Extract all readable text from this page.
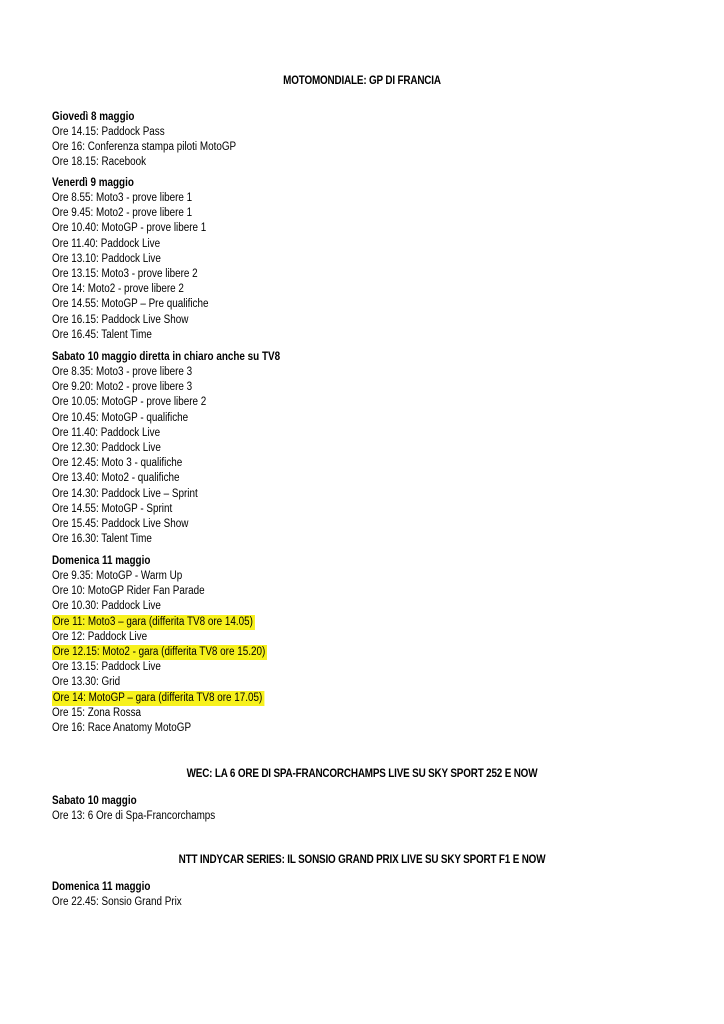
MOTOMONDIALE: GP DI FRANCIA
Giovedì 8 maggio
Ore 14.15: Paddock Pass
Ore 16: Conferenza stampa piloti MotoGP
Ore 18.15: Racebook
Venerdì 9 maggio
Ore 8.55: Moto3 - prove libere 1
Ore 9.45: Moto2 - prove libere 1
Ore 10.40: MotoGP - prove libere 1
Ore 11.40: Paddock Live
Ore 13.10: Paddock Live
Ore 13.15: Moto3 - prove libere 2
Ore 14: Moto2 - prove libere 2
Ore 14.55: MotoGP – Pre qualifiche
Ore 16.15: Paddock Live Show
Ore 16.45: Talent Time
Sabato 10 maggio diretta in chiaro anche su TV8
Ore 8.35: Moto3 - prove libere 3
Ore 9.20: Moto2 - prove libere 3
Ore 10.05: MotoGP - prove libere 2
Ore 10.45: MotoGP - qualifiche
Ore 11.40: Paddock Live
Ore 12.30: Paddock Live
Ore 12.45: Moto 3 - qualifiche
Ore 13.40: Moto2 - qualifiche
Ore 14.30: Paddock Live – Sprint
Ore 14.55: MotoGP - Sprint
Ore 15.45: Paddock Live Show
Ore 16.30: Talent Time
Domenica 11 maggio
Ore 9.35: MotoGP - Warm Up
Ore 10: MotoGP Rider Fan Parade
Ore 10.30: Paddock Live
Ore 11: Moto3 – gara (differita TV8 ore 14.05)
Ore 12: Paddock Live
Ore 12.15: Moto2 - gara (differita TV8 ore 15.20)
Ore 13.15: Paddock Live
Ore 13.30: Grid
Ore 14: MotoGP – gara (differita TV8 ore 17.05)
Ore 15: Zona Rossa
Ore 16: Race Anatomy MotoGP
WEC: LA 6 ORE DI SPA-FRANCORCHAMPS LIVE SU SKY SPORT 252 E NOW
Sabato 10 maggio
Ore 13: 6 Ore di Spa-Francorchamps
NTT INDYCAR SERIES: IL SONSIO GRAND PRIX LIVE SU SKY SPORT F1 E NOW
Domenica 11 maggio
Ore 22.45: Sonsio Grand Prix
